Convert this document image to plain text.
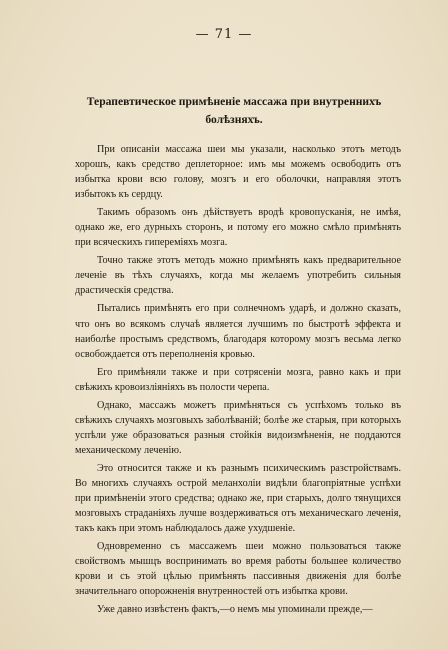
— 71 —
Терапевтическое примѣненіе массажа при внутреннихъ болѣзняхъ.

При описаніи массажа шеи мы указали, насколько этотъ методъ хорошъ, какъ средство деплеторное: имъ мы можемъ освободить отъ избытка крови всю голову, мозгъ и его оболочки, направляя этотъ избытокъ къ сердцу.

Такимъ образомъ онъ дѣйствуетъ вродѣ кровопусканія, не имѣя, однако же, его дурныхъ сторонъ, и потому его можно смѣло примѣнять при всяческихъ гипереміяхъ мозга.

Точно также этотъ методъ можно примѣнять какъ предварительное леченіе въ тѣхъ случаяхъ, когда мы желаемъ употребить сильныя драстическія средства.

Пытались примѣнять его при солнечномъ ударѣ, и должно сказать, что онъ во всякомъ случаѣ является лучшимъ по быстротѣ эффекта и наиболѣе простымъ средствомъ, благодаря которому мозгъ весьма легко освобождается отъ переполненія кровью.

Его примѣняли также и при сотрясеніи мозга, равно какъ и при свѣжихъ кровоизліяніяхъ въ полости черепа.

Однако, массажъ можетъ примѣняться съ успѣхомъ только въ свѣжихъ случаяхъ мозговыхъ заболѣваній; болѣе же старыя, при которыхъ успѣли уже образоваться разныя стойкія видоизмѣненія, не поддаются механическому леченію.

Это относится также и къ разнымъ психическимъ разстройствамъ. Во многихъ случаяхъ острой меланхоліи видѣли благопріятные успѣхи при примѣненіи этого средства; однако же, при старыхъ, долго тянущихся мозговыхъ страданіяхъ лучше воздерживаться отъ механическаго леченія, такъ какъ при этомъ наблюдалось даже ухудшеніе.

Одновременно съ массажемъ шеи можно пользоваться также свойствомъ мышцъ воспринимать во время работы большее количество крови и съ этой цѣлью примѣнять пассивныя движенія для болѣе значительнаго опорожненія внутренностей отъ избытка крови.

Уже давно извѣстенъ фактъ,—о немъ мы упоминали прежде,—
